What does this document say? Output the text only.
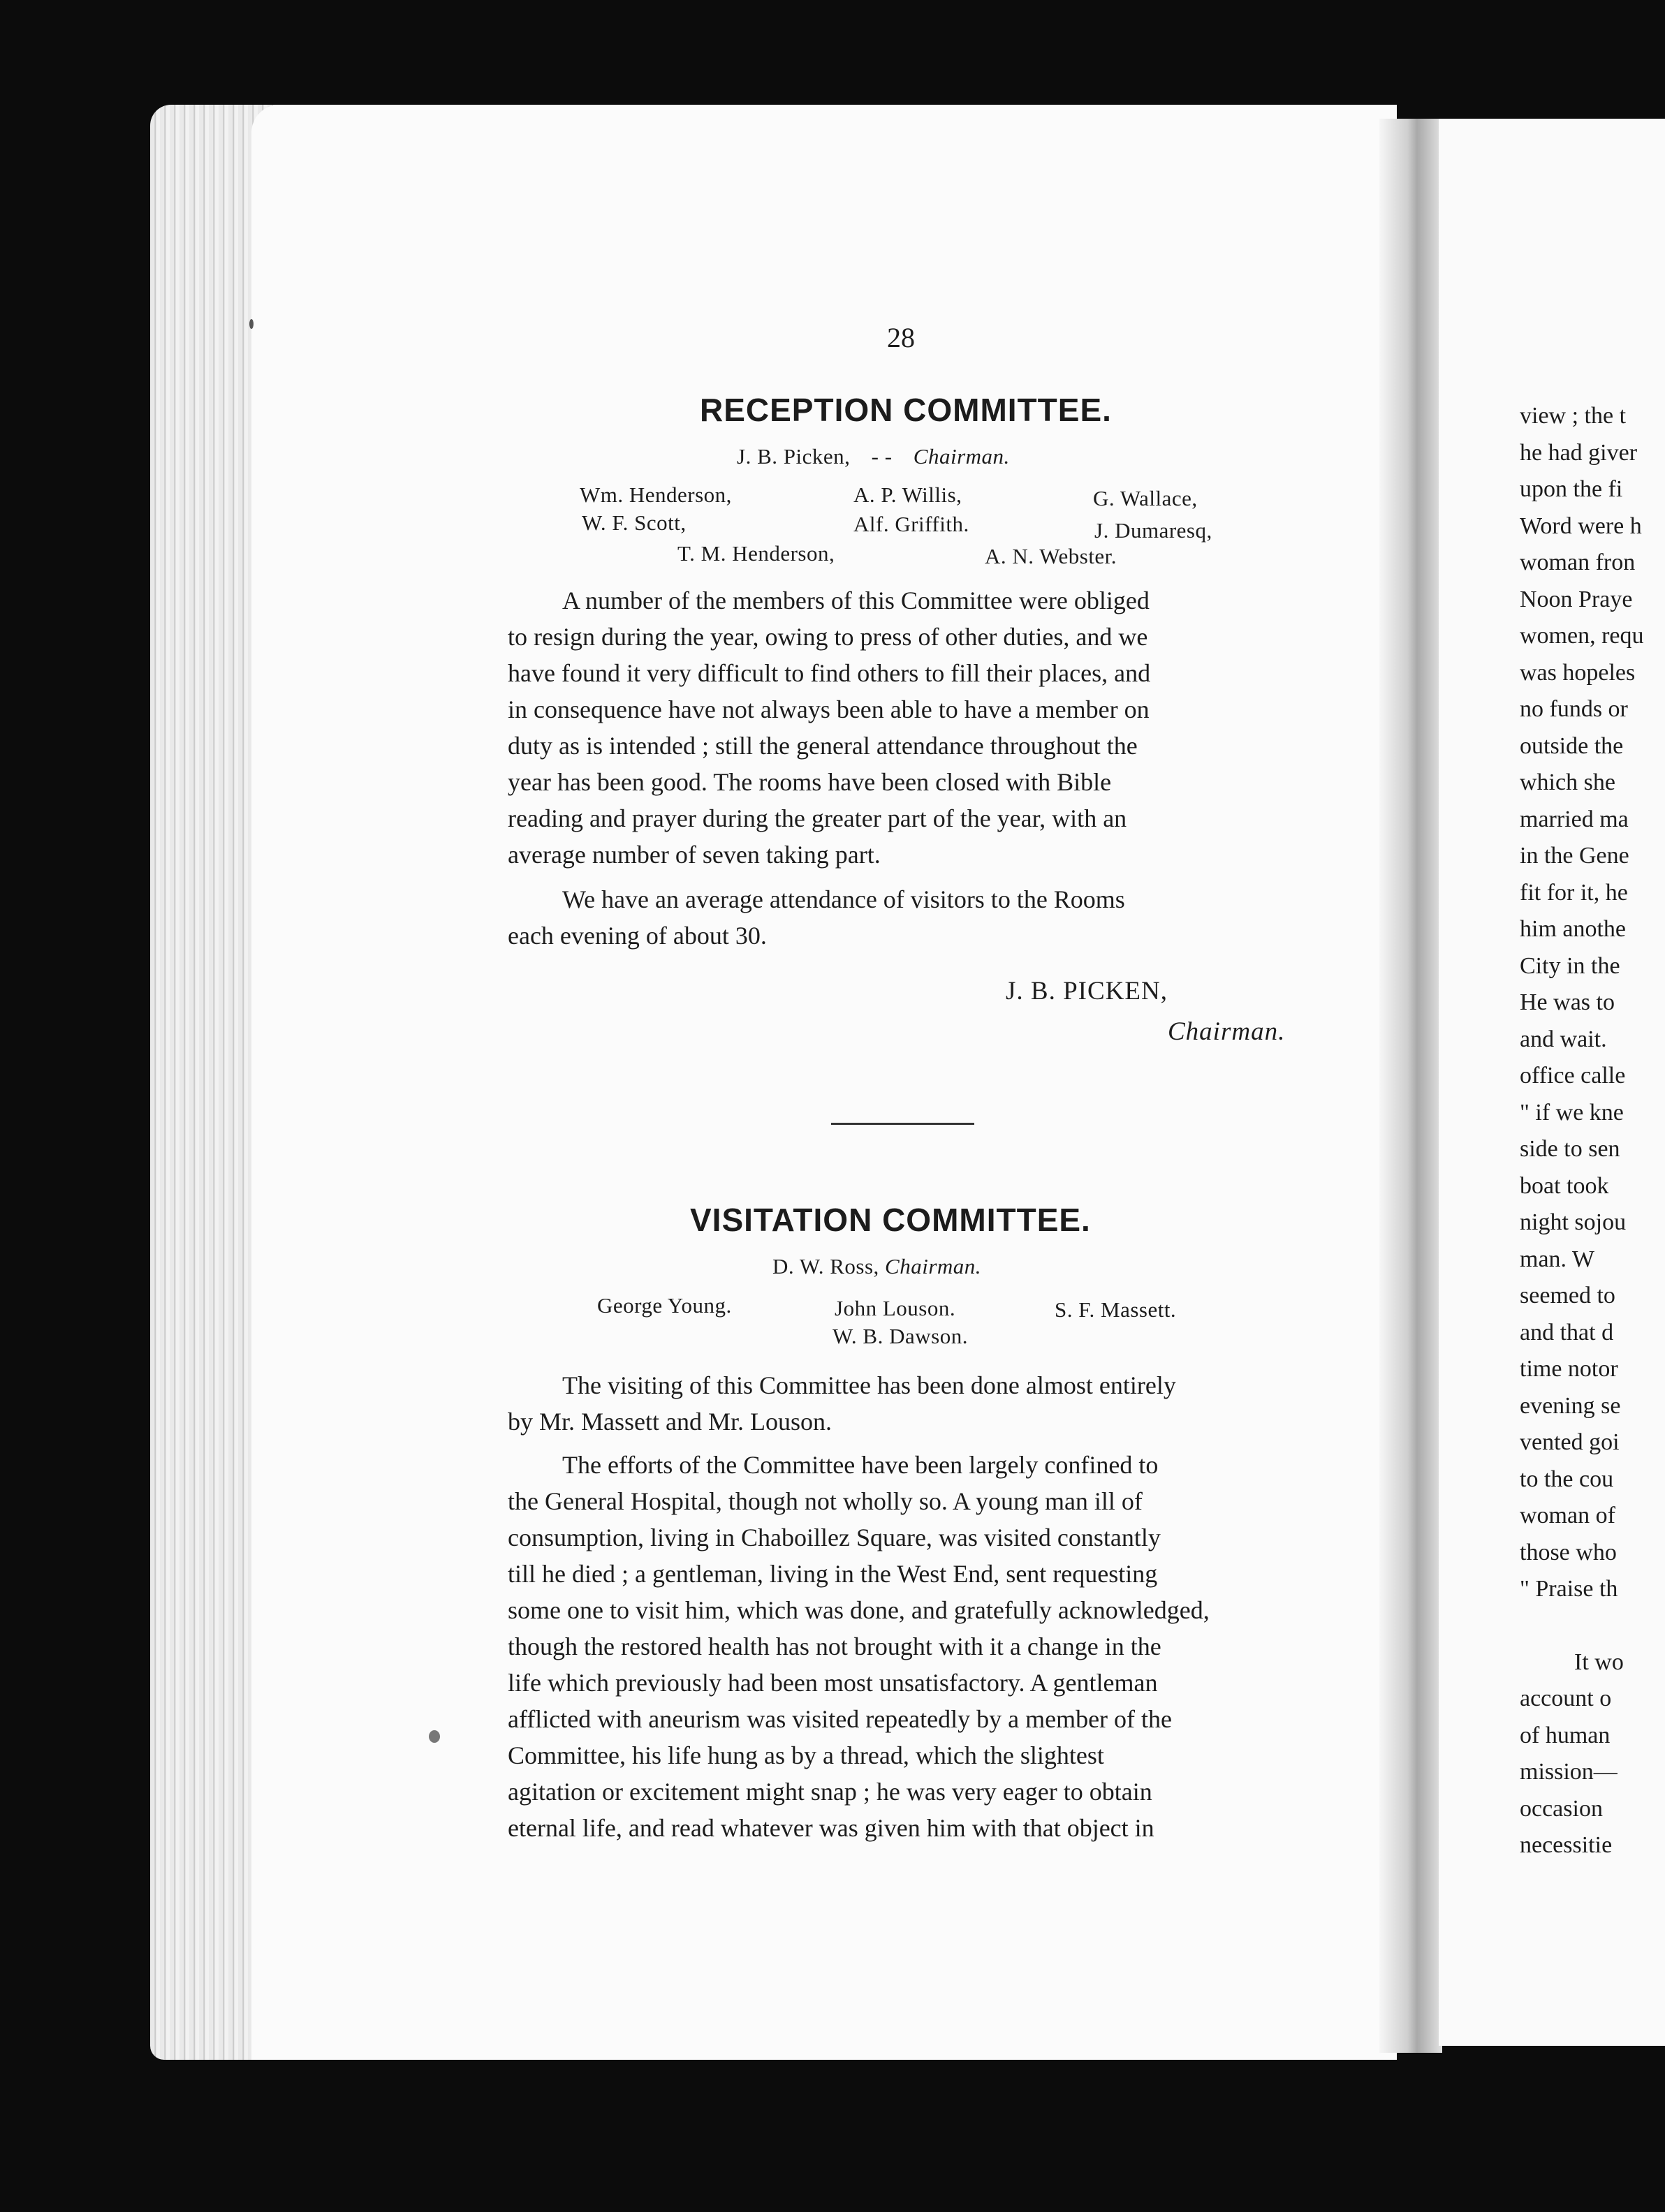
28
RECEPTION COMMITTEE.
J. B. Picken, - - Chairman.
Wm. Henderson,	A. P. Willis,	G. Wallace,
W. F. Scott,	Alf. Griffith.	J. Dumaresq,
T. M. Henderson,	A. N. Webster.
A number of the members of this Committee were obliged
to resign during the year, owing to press of other duties, and we
have found it very difficult to find others to fill their places, and
in consequence have not always been able to have a member on
duty as is intended ; still the general attendance throughout the
year has been good. The rooms have been closed with Bible
reading and prayer during the greater part of the year, with an
average number of seven taking part.
We have an average attendance of visitors to the Rooms
each evening of about 30.
J. B. PICKEN,
Chairman.
VISITATION COMMITTEE.
D. W. Ross, Chairman.
George Young.	John Louson.	S. F. Massett.
W. B. Dawson.
The visiting of this Committee has been done almost entirely
by Mr. Massett and Mr. Louson.
The efforts of the Committee have been largely confined to
the General Hospital, though not wholly so. A young man ill of
consumption, living in Chaboillez Square, was visited constantly
till he died ; a gentleman, living in the West End, sent requesting
some one to visit him, which was done, and gratefully acknowledged,
though the restored health has not brought with it a change in the
life which previously had been most unsatisfactory. A gentleman
afflicted with aneurism was visited repeatedly by a member of the
Committee, his life hung as by a thread, which the slightest
agitation or excitement might snap ; he was very eager to obtain
eternal life, and read whatever was given him with that object in
view ; the t
he had giver
upon the fi
Word were h
woman fron
Noon Praye
women, requ
was hopeles
no funds or
outside the
which she
married ma
in the Gene
fit for it, he
him anothe
City in the
He was to
and wait.
office calle
" if we kne
side to sen
boat took
night sojou
man. W
seemed to
and that d
time notor
evening se
vented goi
to the cou
woman of
those who
" Praise th
It wo
account o
of human
mission—
occasion
necessitie
